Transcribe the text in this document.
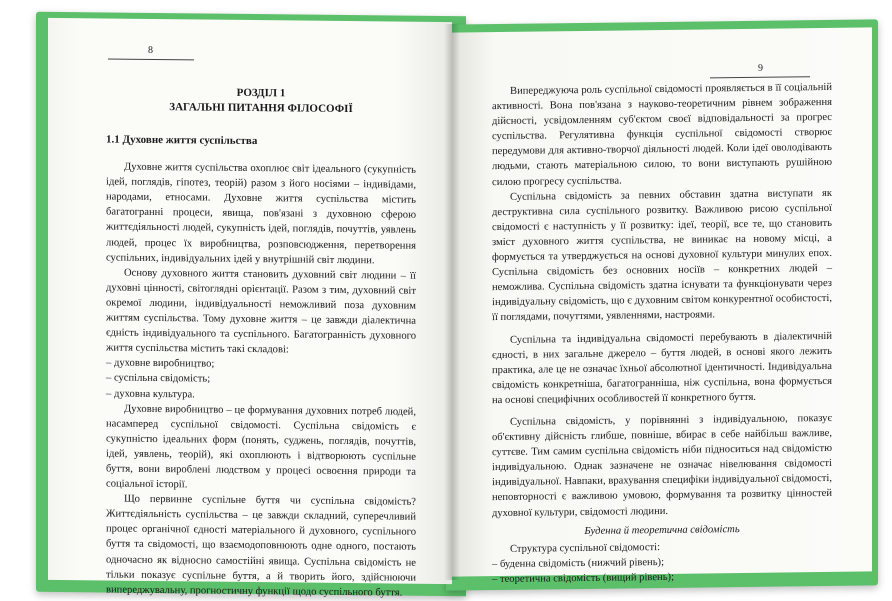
8
РОЗДІЛ 1
ЗАГАЛЬНІ ПИТАННЯ ФІЛОСОФІЇ
1.1 Духовне життя суспільства

Духовне життя суспільства охоплює світ ідеального (сукупність ідей, поглядів, гіпотез, теорій) разом з його носіями – індивідами, народами, етносами. Духовне життя суспільства містить багатогранні процеси, явища, пов'язані з духовною сферою життєдіяльності людей, сукупність ідей, поглядів, почуттів, уявлень людей, процес їх виробництва, розповсюдження, перетворення суспільних, індивідуальних ідей у внутрішній світ людини.

Основу духовного життя становить духовний світ людини – її духовні цінності, світоглядні орієнтації. Разом з тим, духовний світ окремої людини, індивідуальності неможливий поза духовним життям суспільства. Тому духовне життя – це завжди діалектична єдність індивідуального та суспільного. Багатогранність духовного життя суспільства містить такі складові:

– духовне виробництво;
– суспільна свідомість;
– духовна культура.

Духовне виробництво – це формування духовних потреб людей, насамперед суспільної свідомості. Суспільна свідомість є сукупністю ідеальних форм (понять, суджень, поглядів, почуттів, ідей, уявлень, теорій), які охоплюють і відтворюють суспільне буття, вони вироблені людством у процесі освоєння природи та соціальної історії.

Що первинне суспільне буття чи суспільна свідомість? Життєдіяльність суспільства – це завжди складний, суперечливий процес органічної єдності матеріального й духовного, суспільного буття та свідомості, що взаємодоповнюють одне одного, постають одночасно як відносно самостійні явища. Суспільна свідомість не тільки показує суспільне буття, а й творить його, здійснюючи випереджувальну, прогностичну функції щодо суспільного буття.

9

Випереджуюча роль суспільної свідомості проявляється в її соціальній активності. Вона пов'язана з науково-теоретичним рівнем зображення дійсності, усвідомленням суб'єктом своєї відповідальності за прогрес суспільства. Регулятивна функція суспільної свідомості створює передумови для активно-творчої діяльності людей. Коли ідеї оволодівають людьми, стають матеріальною силою, то вони виступають рушійною силою прогресу суспільства.

Суспільна свідомість за певних обставин здатна виступати як деструктивна сила суспільного розвитку. Важливою рисою суспільної свідомості є наступність у її розвитку: ідеї, теорії, все те, що становить зміст духовного життя суспільства, не виникає на новому місці, а формується та утверджується на основі духовної культури минулих епох. Суспільна свідомість без основних носіїв – конкретних людей – неможлива. Суспільна свідомість здатна існувати та функціонувати через індивідуальну свідомість, що є духовним світом конкурентної особистості, її поглядами, почуттями, уявленнями, настроями.

Суспільна та індивідуальна свідомості перебувають в діалектичній єдності, в них загальне джерело – буття людей, в основі якого лежить практика, але це не означає їхньої абсолютної ідентичності. Індивідуальна свідомість конкретніша, багатогранніша, ніж суспільна, вона формується на основі специфічних особливостей її конкретного буття.

Суспільна свідомість, у порівнянні з індивідуальною, показує об'єктивну дійсність глибше, повніше, вбирає в себе найбільш важливе, суттєве. Тим самим суспільна свідомість ніби підноситься над свідомістю індивідуальною. Однак зазначене не означає нівелювання свідомості індивідуальної. Навпаки, врахування специфіки індивідуальної свідомості, неповторності є важливою умовою, формування та розвитку цінностей духовної культури, свідомості людини.

Буденна й теоретична свідомість

Структура суспільної свідомості:

– буденна свідомість (нижчий рівень);
– теоретична свідомість (вищий рівень);
